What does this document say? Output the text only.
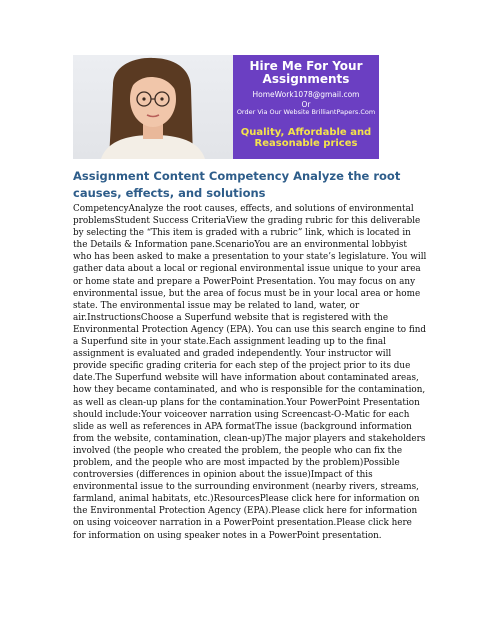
Hire Me For Your Assignments
HomeWork1078@gmail.com
Or
Order Via Our Website BrilliantPapers.Com
Quality, Affordable and Reasonable prices
Assignment Content Competency Analyze the root causes, effects, and solutions
CompetencyAnalyze the root causes, effects, and solutions of environmental problemsStudent Success CriteriaView the grading rubric for this deliverable by selecting the “This item is graded with a rubric” link, which is located in the Details & Information pane.ScenarioYou are an environmental lobbyist who has been asked to make a presentation to your state’s legislature. You will gather data about a local or regional environmental issue unique to your area or home state and prepare a PowerPoint Presentation. You may focus on any environmental issue, but the area of focus must be in your local area or home state. The environmental issue may be related to land, water, or air.InstructionsChoose a Superfund website that is registered with the Environmental Protection Agency (EPA). You can use this search engine to find a Superfund site in your state.Each assignment leading up to the final assignment is evaluated and graded independently. Your instructor will provide specific grading criteria for each step of the project prior to its due date.The Superfund website will have information about contaminated areas, how they became contaminated, and who is responsible for the contamination, as well as clean-up plans for the contamination.Your PowerPoint Presentation should include:Your voiceover narration using Screencast-O-Matic for each slide as well as references in APA formatThe issue (background information from the website, contamination, clean-up)The major players and stakeholders involved (the people who created the problem, the people who can fix the problem, and the people who are most impacted by the problem)Possible controversies (differences in opinion about the issue)Impact of this environmental issue to the surrounding environment (nearby rivers, streams, farmland, animal habitats, etc.)ResourcesPlease click here for information on the Environmental Protection Agency (EPA).Please click here for information on using voiceover narration in a PowerPoint presentation.Please click here for information on using speaker notes in a PowerPoint presentation.
